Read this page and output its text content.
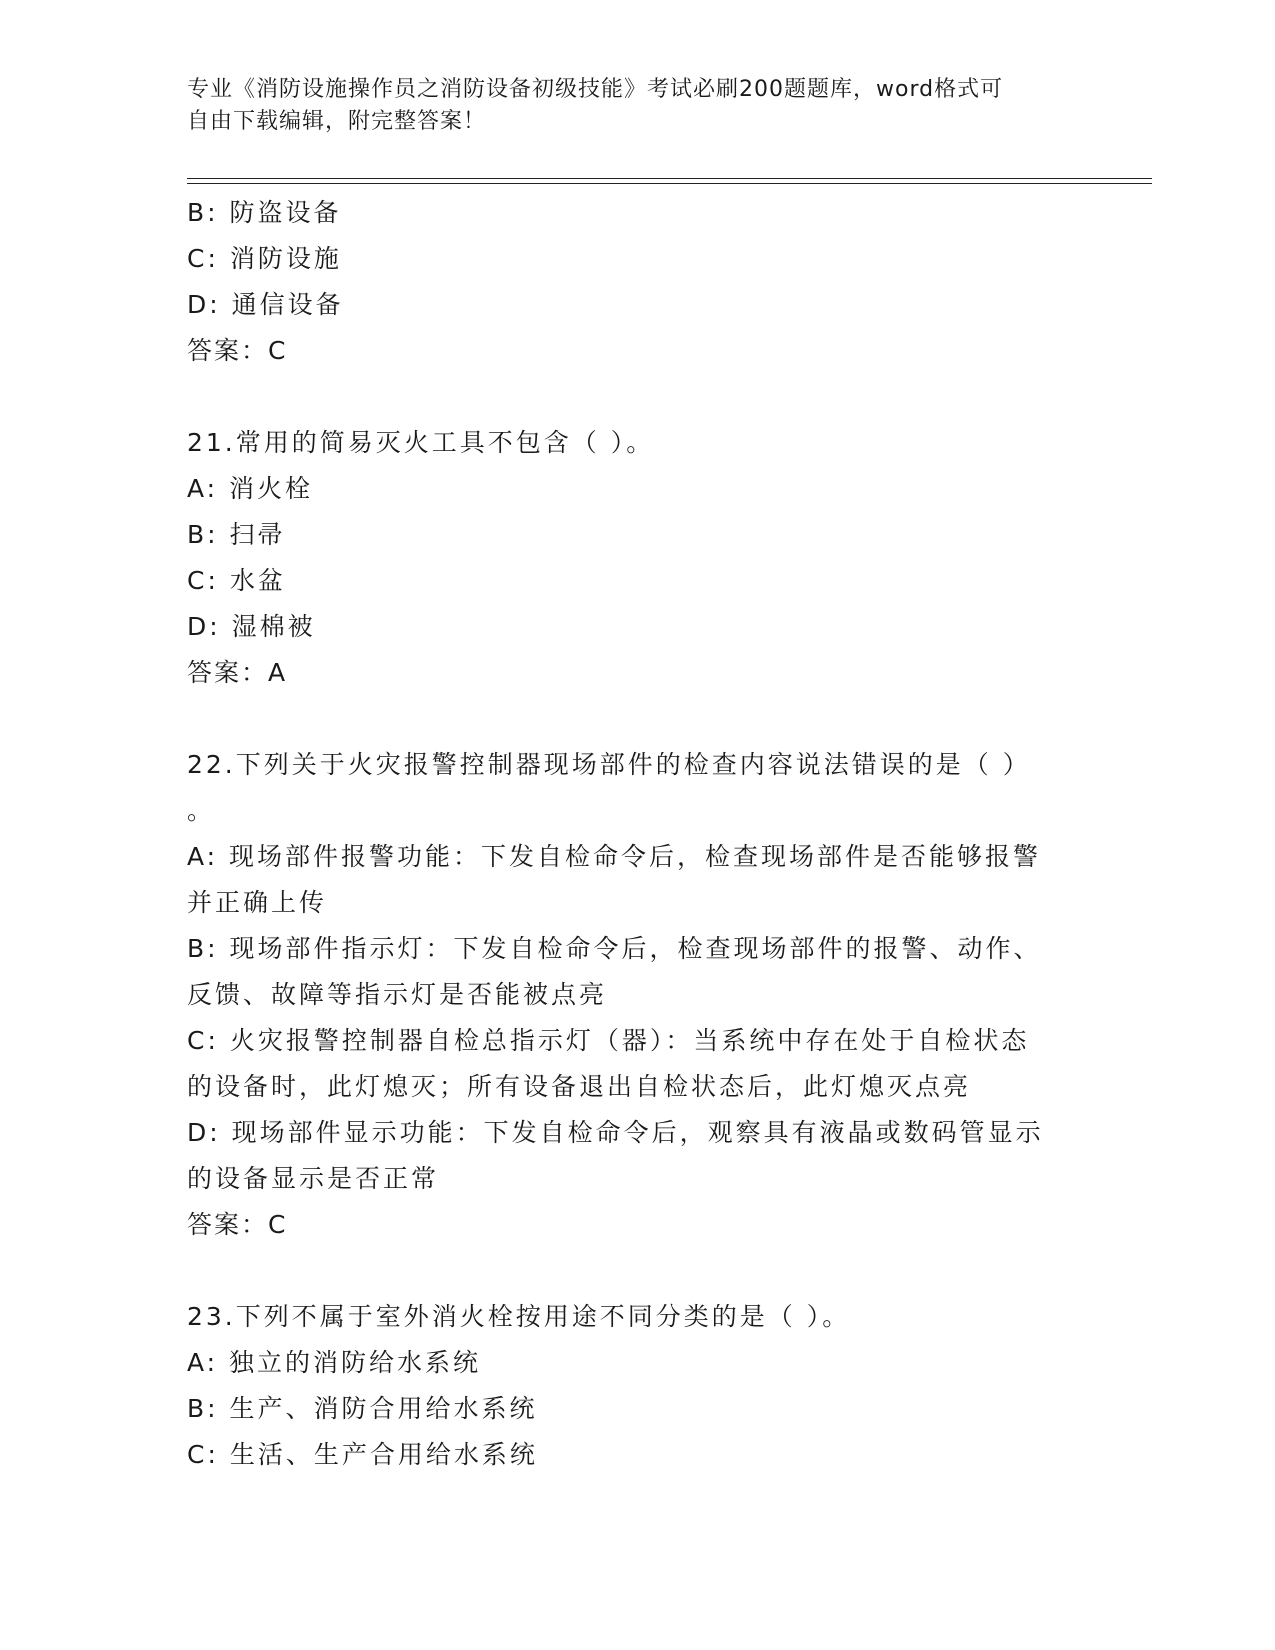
专业《消防设施操作员之消防设备初级技能》考试必刷200题题库，word格式可
自由下载编辑，附完整答案！
B: 防盗设备
C: 消防设施
D: 通信设备
答案：C
21.常用的简易灭火工具不包含（ ）。
A: 消火栓
B: 扫帚
C: 水盆
D: 湿棉被
答案：A
22.下列关于火灾报警控制器现场部件的检查内容说法错误的是（ ）
。
A: 现场部件报警功能：下发自检命令后，检查现场部件是否能够报警
并正确上传
B: 现场部件指示灯：下发自检命令后，检查现场部件的报警、动作、
反馈、故障等指示灯是否能被点亮
C: 火灾报警控制器自检总指示灯（器）：当系统中存在处于自检状态
的设备时，此灯熄灭；所有设备退出自检状态后，此灯熄灭点亮
D: 现场部件显示功能：下发自检命令后，观察具有液晶或数码管显示
的设备显示是否正常
答案：C
23.下列不属于室外消火栓按用途不同分类的是（ ）。
A: 独立的消防给水系统
B: 生产、消防合用给水系统
C: 生活、生产合用给水系统
